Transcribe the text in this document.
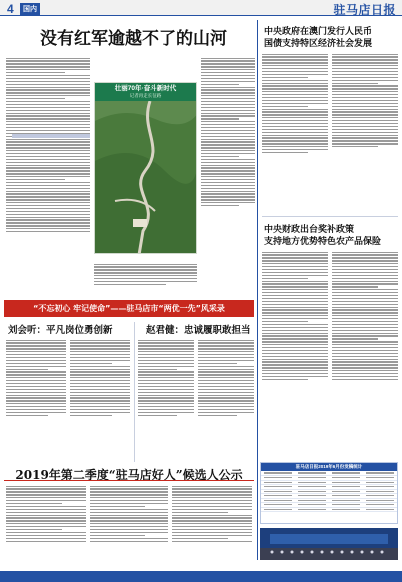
4	国内	驻马店日报
没有红军逾越不了的山河
壮丽70年·奋斗新时代
记者再走长征路
中央政府在澳门发行人民币
国债支持特区经济社会发展
中央财政出台奖补政策
支持地方优势特色农产品保险
“不忘初心 牢记使命”——驻马店市“两优一先”风采录
刘会听：平凡岗位勇创新	赵君健：忠诚履职敢担当
2019年第二季度“驻马店好人”候选人公示
驻马店日报2019年6月份发稿统计
